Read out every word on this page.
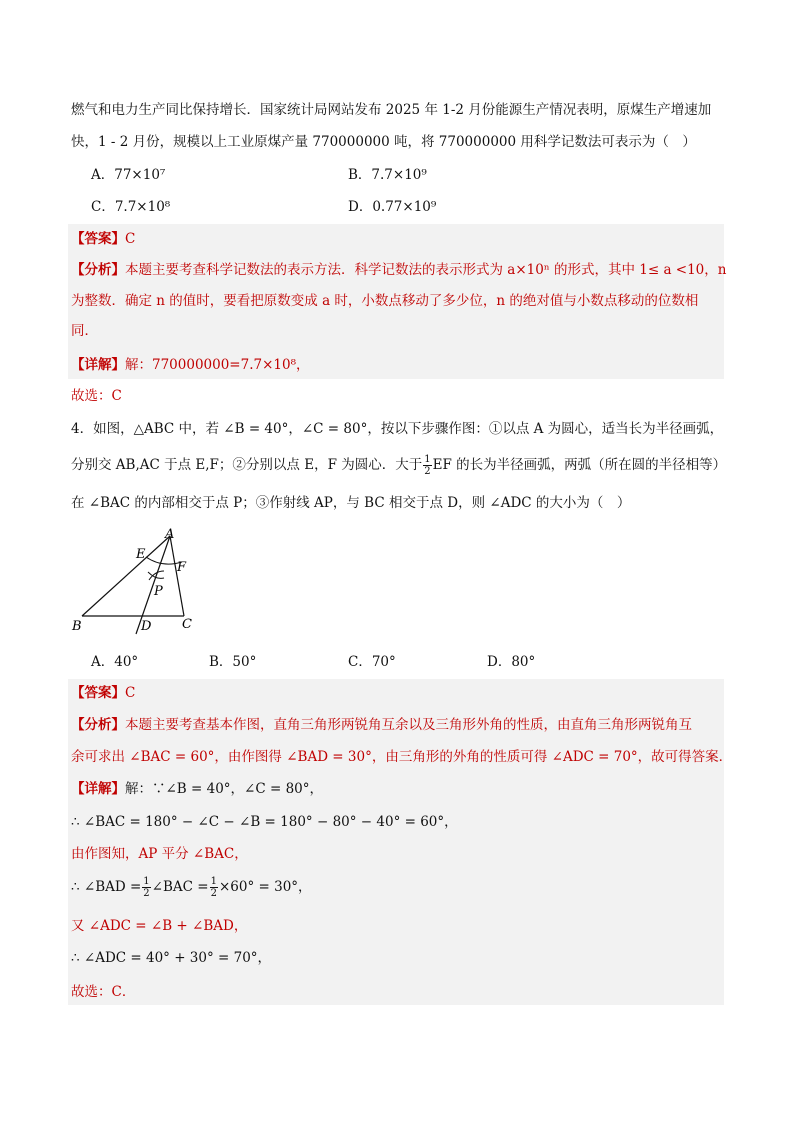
燃气和电力生产同比保持增长．国家统计局网站发布 2025 年 1-2 月份能源生产情况表明，原煤生产增速加
快，1 - 2 月份，规模以上工业原煤产量 770000000 吨，将 770000000 用科学记数法可表示为（　）
A．77×10⁷	B．7.7×10⁹
C．7.7×10⁸	D．0.77×10⁹
【答案】C
【分析】本题主要考查科学记数法的表示方法．科学记数法的表示形式为 a×10ⁿ 的形式，其中 1≤ a <10，n
为整数．确定 n 的值时，要看把原数变成 a 时，小数点移动了多少位，n 的绝对值与小数点移动的位数相
同．
【详解】解：770000000=7.7×10⁸，
故选：C
4．如图，△ABC 中，若 ∠B = 40°，∠C = 80°，按以下步骤作图：①以点 A 为圆心，适当长为半径画弧，
分别交 AB,AC 于点 E,F；②分别以点 E，F 为圆心．大于 $\frac{1}{2}$ EF 的长为半径画弧，两弧（所在圆的半径相等）
在 ∠BAC 的内部相交于点 P；③作射线 AP，与 BC 相交于点 D，则 ∠ADC 的大小为（　）
A
E
F
P
B	D C
A．40°	B．50°	C．70°	D．80°
【答案】C
【分析】本题主要考查基本作图，直角三角形两锐角互余以及三角形外角的性质，由直角三角形两锐角互
余可求出 ∠BAC = 60°，由作图得 ∠BAD = 30°，由三角形的外角的性质可得 ∠ADC = 70°，故可得答案．
【详解】解：∵∠B = 40°，∠C = 80°，
∴ ∠BAC = 180° − ∠C − ∠B = 180° − 80° − 40° = 60°，
由作图知，AP 平分 ∠BAC，
∴ ∠BAD = $\frac{1}{2}$ ∠BAC = $\frac{1}{2} \times 60^\circ = 30^\circ$，
又 ∠ADC = ∠B + ∠BAD，
∴ ∠ADC = 40° + 30° = 70°，
故选：C．
